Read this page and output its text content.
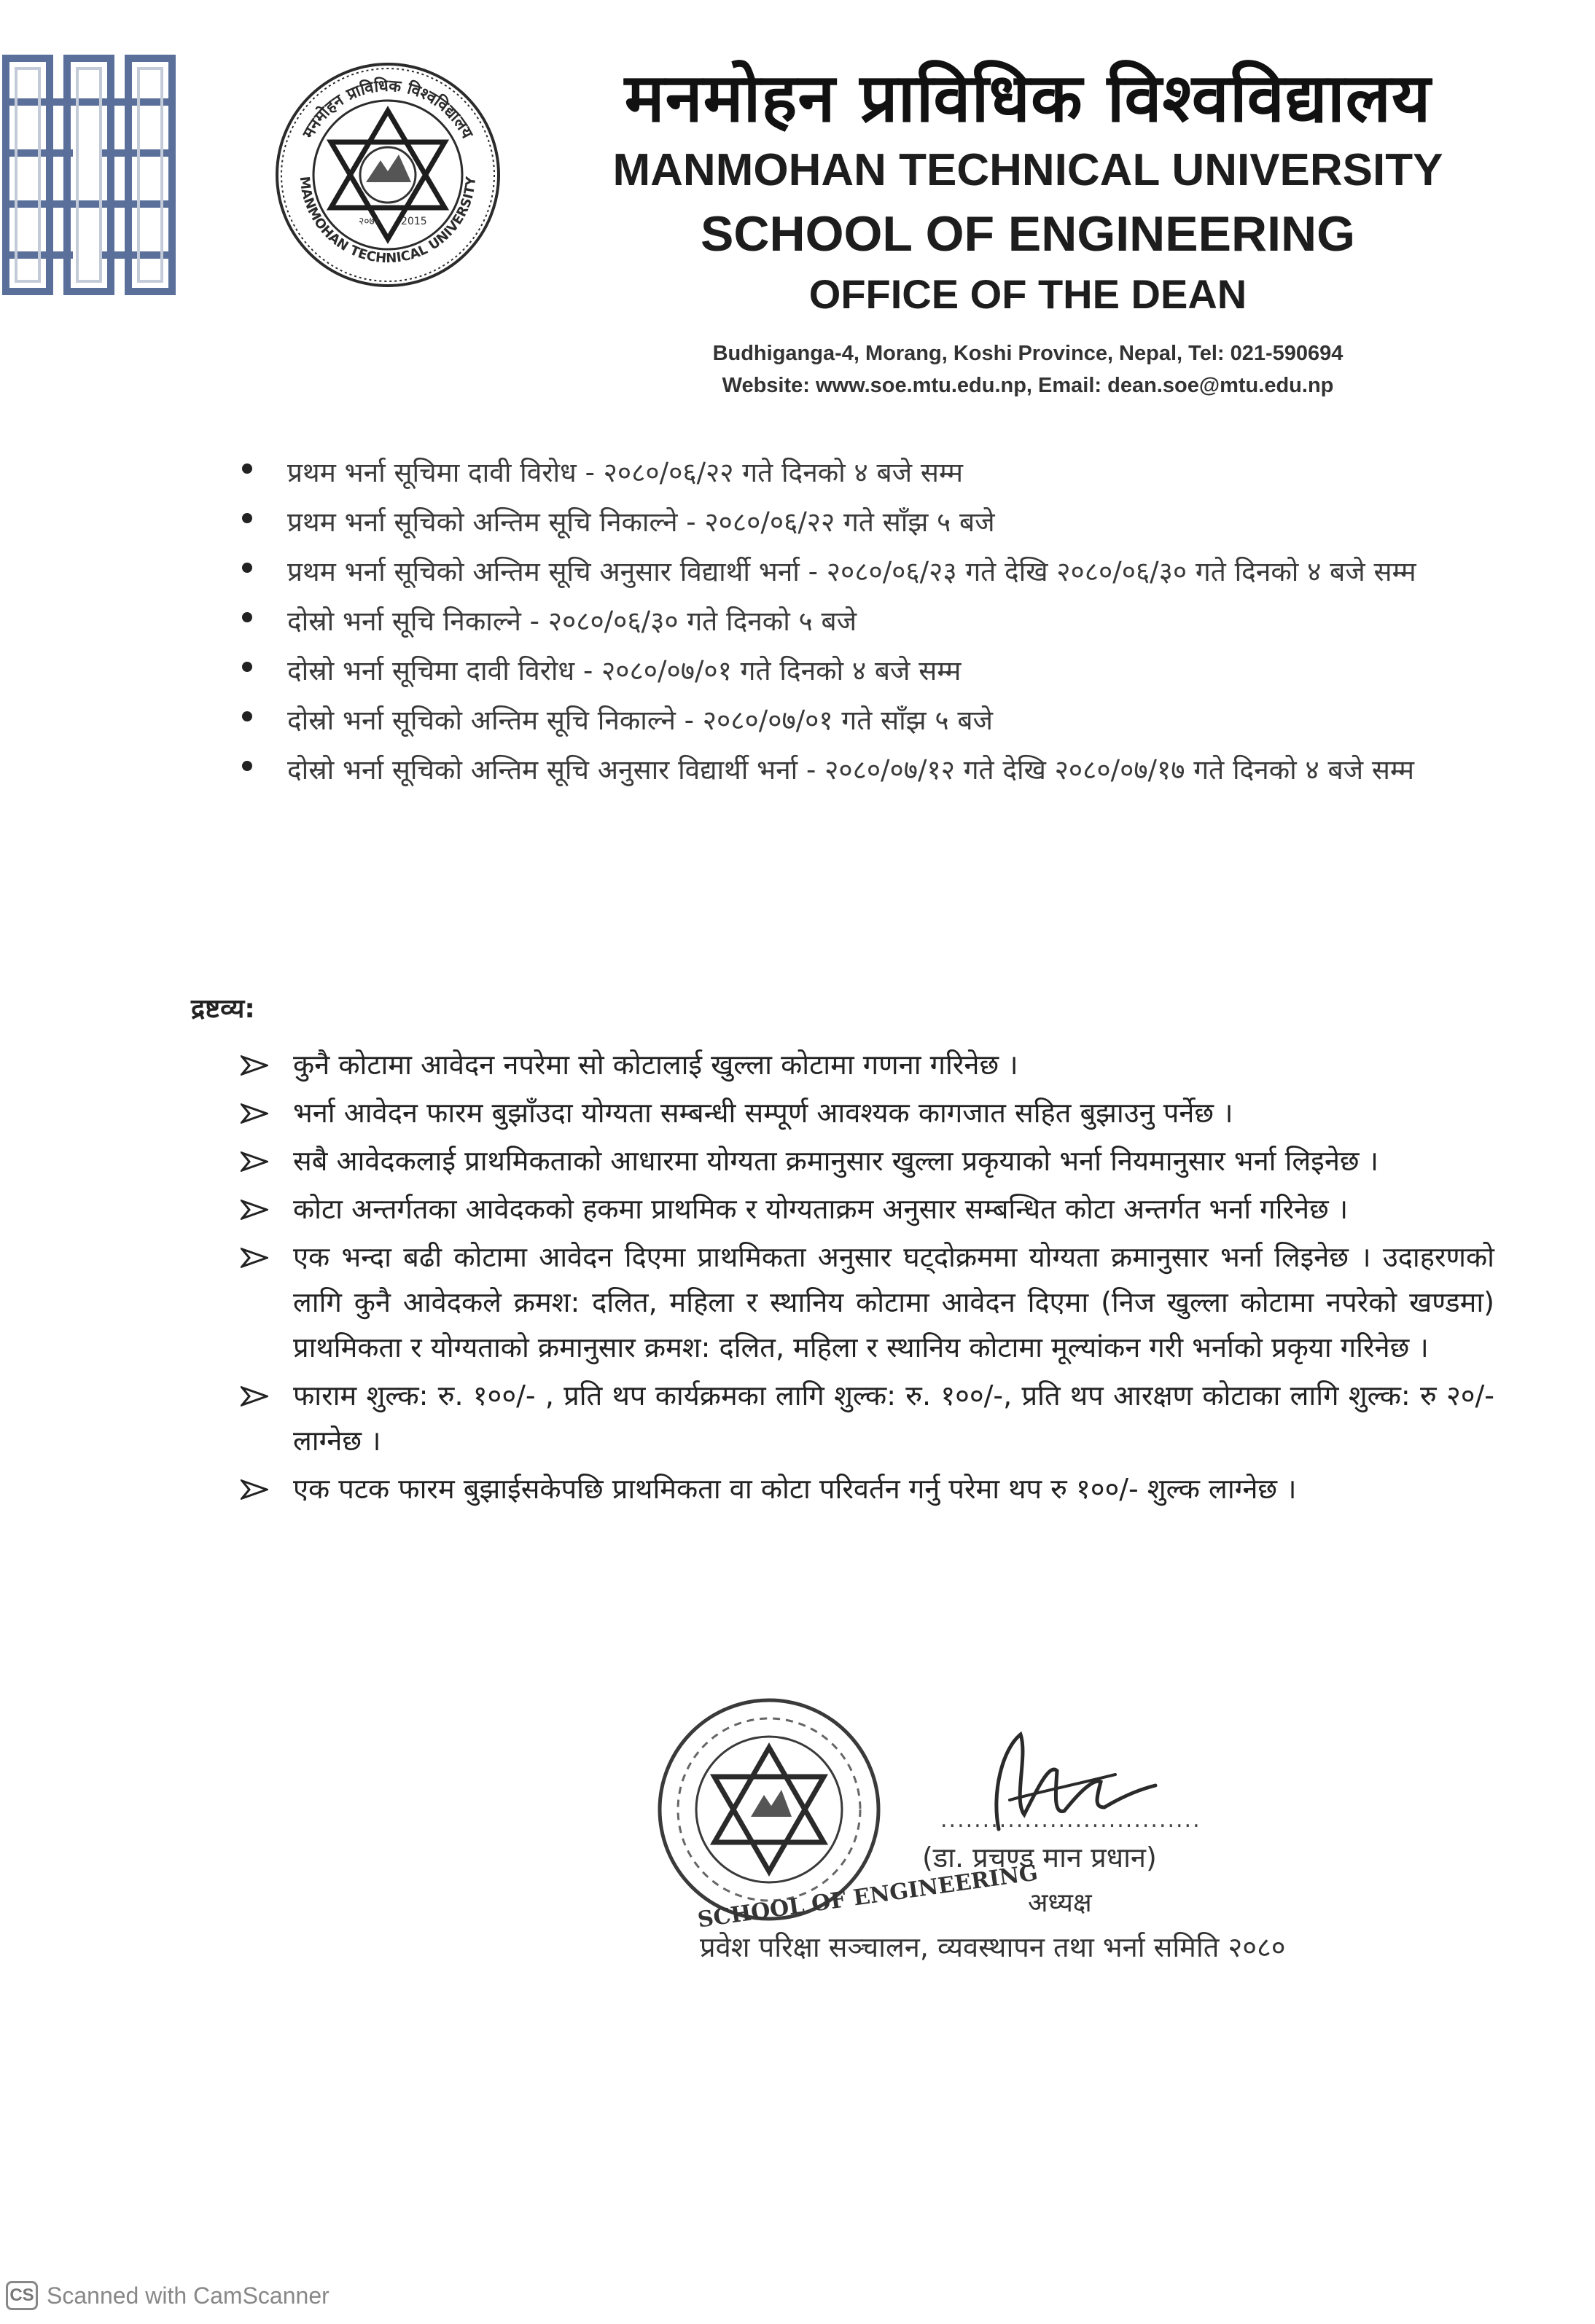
मनमोहन प्राविधिक विश्वविद्यालय
MANMOHAN TECHNICAL UNIVERSITY
२०७१ 2015
मनमोहन प्राविधिक विश्वविद्यालय
MANMOHAN TECHNICAL UNIVERSITY
SCHOOL OF ENGINEERING
OFFICE OF THE DEAN
Budhiganga-4, Morang, Koshi Province, Nepal, Tel: 021-590694
Website: www.soe.mtu.edu.np, Email: dean.soe@mtu.edu.np
प्रथम भर्ना सूचिमा दावी विरोध - २०८०/०६/२२ गते दिनको ४ बजे सम्म
प्रथम भर्ना सूचिको अन्तिम सूचि निकाल्ने - २०८०/०६/२२ गते साँझ ५ बजे
प्रथम भर्ना सूचिको अन्तिम सूचि अनुसार विद्यार्थी भर्ना - २०८०/०६/२३ गते देखि २०८०/०६/३० गते दिनको ४ बजे सम्म
दोस्रो भर्ना सूचि निकाल्ने - २०८०/०६/३० गते दिनको ५ बजे
दोस्रो भर्ना सूचिमा दावी विरोध - २०८०/०७/०१ गते दिनको ४ बजे सम्म
दोस्रो भर्ना सूचिको अन्तिम सूचि निकाल्ने - २०८०/०७/०१ गते साँझ ५ बजे
दोस्रो भर्ना सूचिको अन्तिम सूचि अनुसार विद्यार्थी भर्ना - २०८०/०७/१२ गते देखि २०८०/०७/१७ गते दिनको ४ बजे सम्म
द्रष्टव्य:
कुनै कोटामा आवेदन नपरेमा सो कोटालाई खुल्ला कोटामा गणना गरिनेछ ।
भर्ना आवेदन फारम बुझाँउदा योग्यता सम्बन्धी सम्पूर्ण आवश्यक कागजात सहित बुझाउनु पर्नेछ ।
सबै आवेदकलाई प्राथमिकताको आधारमा योग्यता क्रमानुसार खुल्ला प्रकृयाको भर्ना नियमानुसार भर्ना लिइनेछ ।
कोटा अन्तर्गतका आवेदकको हकमा प्राथमिक र योग्यताक्रम अनुसार सम्बन्धित कोटा अन्तर्गत भर्ना गरिनेछ ।
एक भन्दा बढी कोटामा आवेदन दिएमा प्राथमिकता अनुसार घट्दोक्रममा योग्यता क्रमानुसार भर्ना लिइनेछ । उदाहरणको लागि कुनै आवेदकले क्रमश: दलित, महिला र स्थानिय कोटामा आवेदन दिएमा (निज खुल्ला कोटामा नपरेको खण्डमा) प्राथमिकता र योग्यताको क्रमानुसार क्रमश: दलित, महिला र स्थानिय कोटामा मूल्यांकन गरी भर्नाको प्रकृया गरिनेछ ।
फाराम शुल्क: रु. १००/- , प्रति थप कार्यक्रमका लागि शुल्क: रु. १००/-, प्रति थप आरक्षण कोटाका लागि शुल्क: रु २०/- लाग्नेछ ।
एक पटक फारम बुझाईसकेपछि प्राथमिकता वा कोटा परिवर्तन गर्नु परेमा थप रु १००/- शुल्क लाग्नेछ ।
SCHOOL OF ENGINEERING
...............................
(डा. प्रचण्ड मान प्रधान)
अध्यक्ष
प्रवेश परिक्षा सञ्चालन, व्यवस्थापन तथा भर्ना समिति २०८०
CS Scanned with CamScanner
